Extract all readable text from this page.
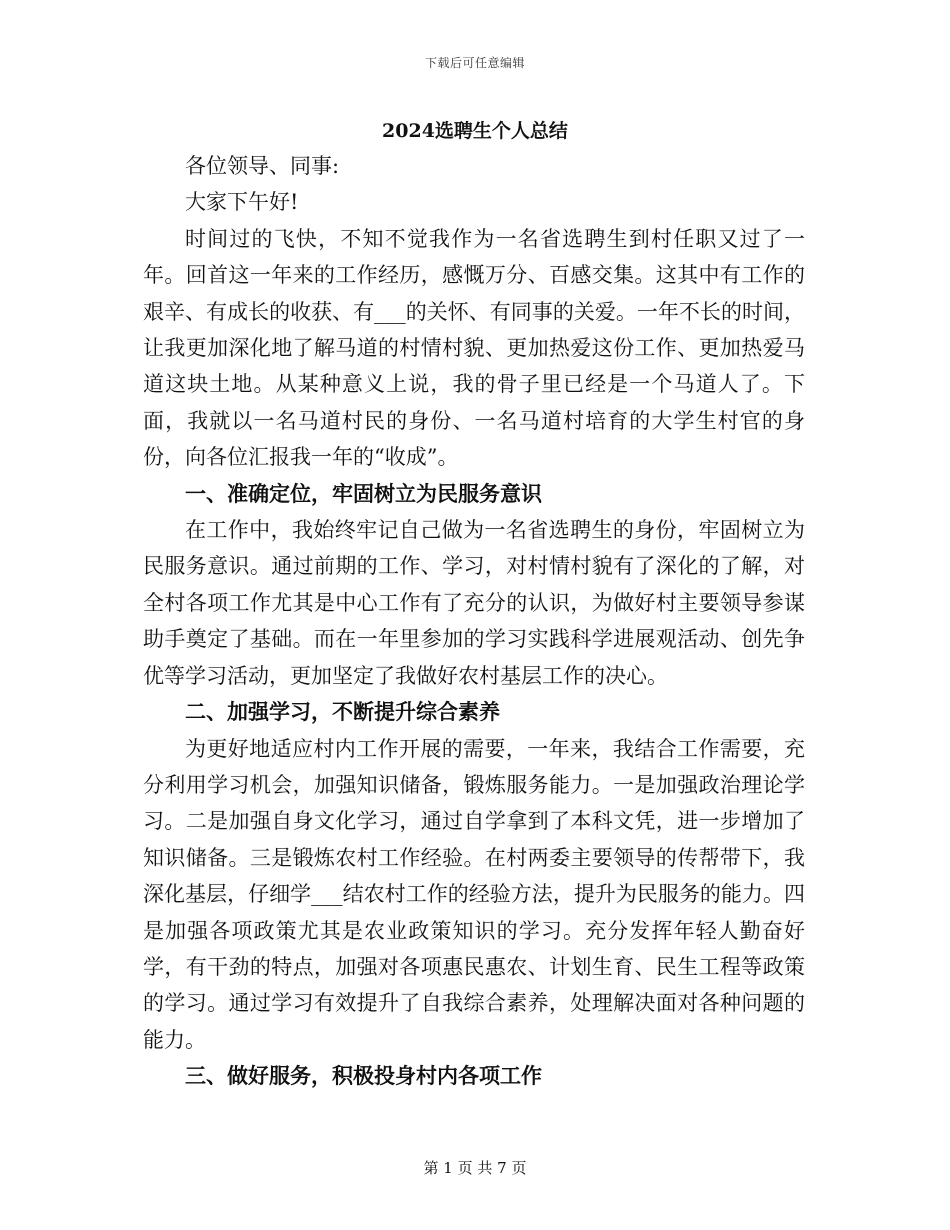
下载后可任意编辑
2024选聘生个人总结

各位领导、同事:

大家下午好!

时间过的飞快，不知不觉我作为一名省选聘生到村任职又过了一年。回首这一年来的工作经历，感慨万分、百感交集。这其中有工作的艰辛、有成长的收获、有___的关怀、有同事的关爱。一年不长的时间，让我更加深化地了解马道的村情村貌、更加热爱这份工作、更加热爱马道这块土地。从某种意义上说，我的骨子里已经是一个马道人了。下面，我就以一名马道村民的身份、一名马道村培育的大学生村官的身份，向各位汇报我一年的“收成”。

一、准确定位，牢固树立为民服务意识

在工作中，我始终牢记自己做为一名省选聘生的身份，牢固树立为民服务意识。通过前期的工作、学习，对村情村貌有了深化的了解，对全村各项工作尤其是中心工作有了充分的认识，为做好村主要领导参谋助手奠定了基础。而在一年里参加的学习实践科学进展观活动、创先争优等学习活动，更加坚定了我做好农村基层工作的决心。

二、加强学习，不断提升综合素养

为更好地适应村内工作开展的需要，一年来，我结合工作需要，充分利用学习机会，加强知识储备，锻炼服务能力。一是加强政治理论学习。二是加强自身文化学习，通过自学拿到了本科文凭，进一步增加了知识储备。三是锻炼农村工作经验。在村两委主要领导的传帮带下，我深化基层，仔细学___结农村工作的经验方法，提升为民服务的能力。四是加强各项政策尤其是农业政策知识的学习。充分发挥年轻人勤奋好学，有干劲的特点，加强对各项惠民惠农、计划生育、民生工程等政策的学习。通过学习有效提升了自我综合素养，处理解决面对各种问题的能力。

三、做好服务，积极投身村内各项工作

第 1 页 共 7 页
